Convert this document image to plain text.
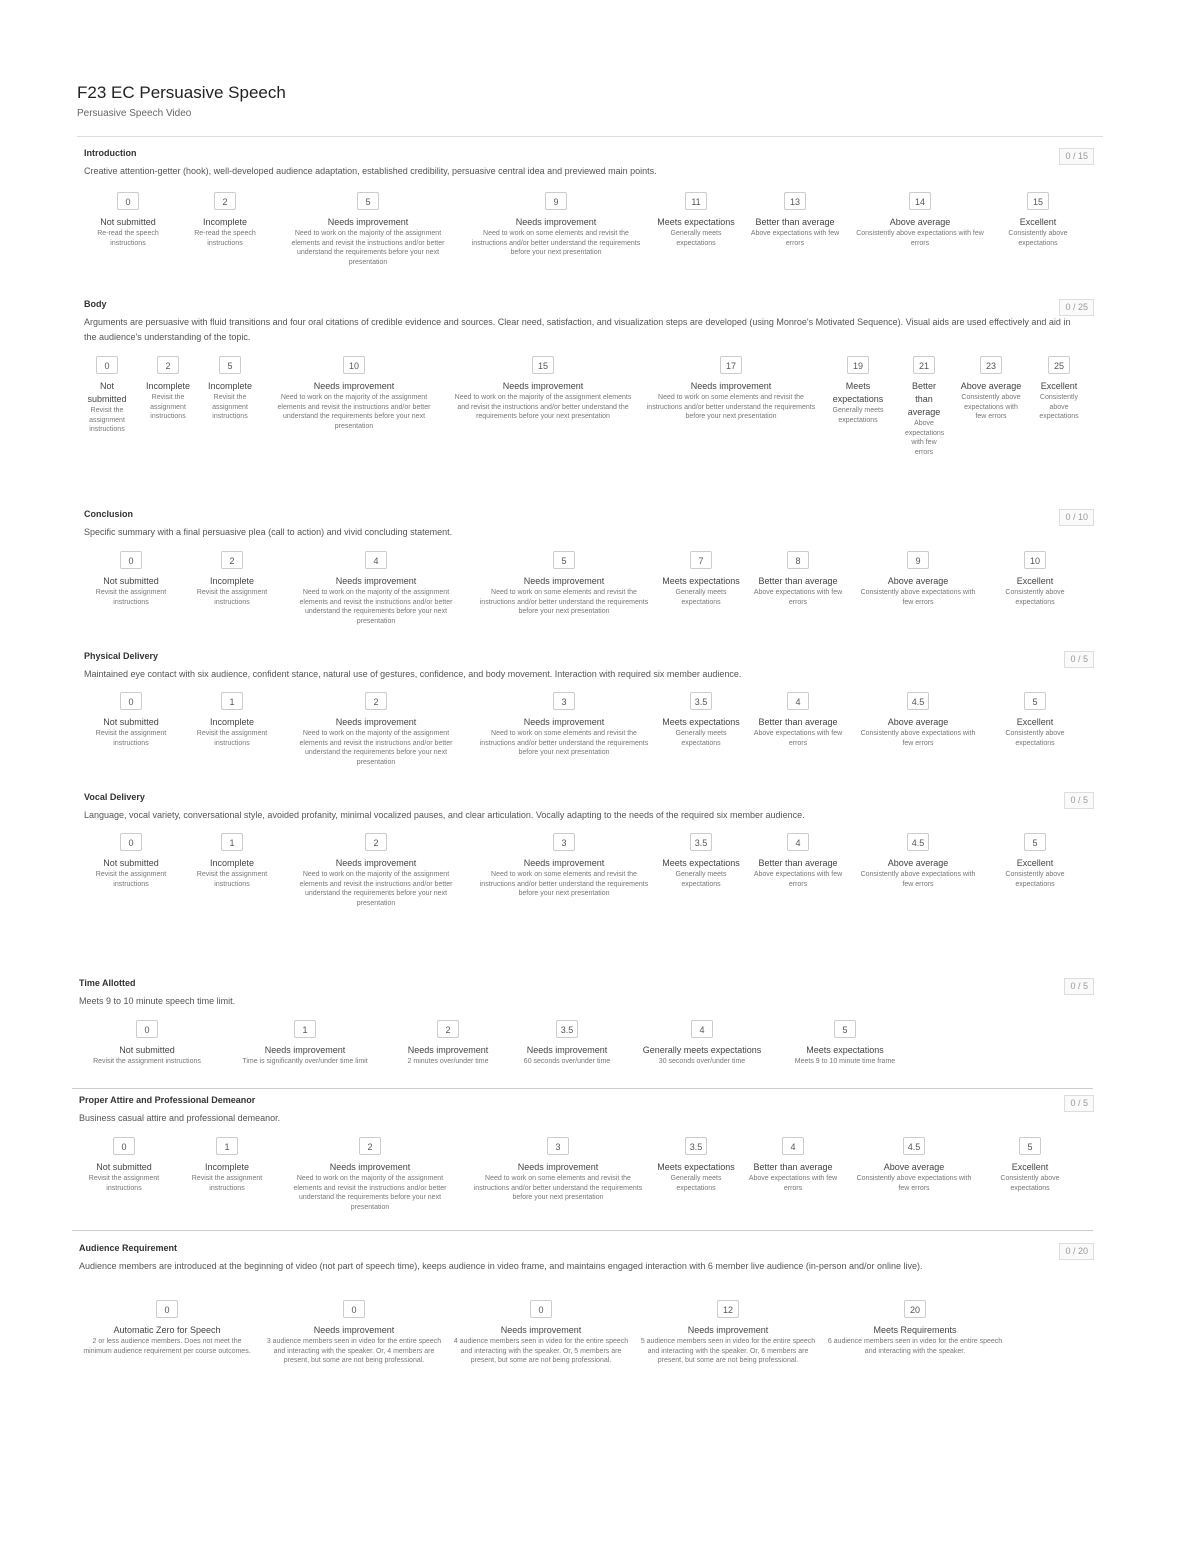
F23 EC Persuasive Speech
Persuasive Speech Video
Introduction
Creative attention-getter (hook), well-developed audience adaptation, established credibility, persuasive central idea and previewed main points.
0 / 15
0
Not submitted
Re-read the speech instructions
2
Incomplete
Re-read the speech instructions
5
Needs improvement
Need to work on the majority of the assignment elements and revisit the instructions and/or better understand the requirements before your next presentation
9
Needs improvement
Need to work on some elements and revisit the instructions and/or better understand the requirements before your next presentation
11
Meets expectations
Generally meets expectations
13
Better than average
Above expectations with few errors
14
Above average
Consistently above expectations with few errors
15
Excellent
Consistently above expectations
Body
Arguments are persuasive with fluid transitions and four oral citations of credible evidence and sources. Clear need, satisfaction, and visualization steps are developed (using Monroe's Motivated Sequence). Visual aids are used effectively and aid in the audience's understanding of the topic.
0 / 25
0
Not submitted
Revisit the assignment instructions
2
Incomplete
Revisit the assignment instructions
5
Incomplete
Revisit the assignment instructions
10
Needs improvement
Need to work on the majority of the assignment elements and revisit the instructions and/or better understand the requirements before your next presentation
15
Needs improvement
Need to work on the majority of the assignment elements and revisit the instructions and/or better understand the requirements before your next presentation
17
Needs improvement
Need to work on some elements and revisit the instructions and/or better understand the requirements before your next presentation
19
Meets expectations
Generally meets expectations
21
Better than average
Above expectations with few errors
23
Above average
Consistently above expectations with few errors
25
Excellent
Consistently above expectations
Conclusion
Specific summary with a final persuasive plea (call to action) and vivid concluding statement.
0 / 10
0
Not submitted
Revisit the assignment instructions
2
Incomplete
Revisit the assignment instructions
4
Needs improvement
Need to work on the majority of the assignment elements and revisit the instructions and/or better understand the requirements before your next presentation
5
Needs improvement
Need to work on some elements and revisit the instructions and/or better understand the requirements before your next presentation
7
Meets expectations
Generally meets expectations
8
Better than average
Above expectations with few errors
9
Above average
Consistently above expectations with few errors
10
Excellent
Consistently above expectations
Physical Delivery
Maintained eye contact with six audience, confident stance, natural use of gestures, confidence, and body movement. Interaction with required six member audience.
0 / 5
0
Not submitted
Revisit the assignment instructions
1
Incomplete
Revisit the assignment instructions
2
Needs improvement
Need to work on the majority of the assignment elements and revisit the instructions and/or better understand the requirements before your next presentation
3
Needs improvement
Need to work on some elements and revisit the instructions and/or better understand the requirements before your next presentation
3.5
Meets expectations
Generally meets expectations
4
Better than average
Above expectations with few errors
4.5
Above average
Consistently above expectations with few errors
5
Excellent
Consistently above expectations
Vocal Delivery
Language, vocal variety, conversational style, avoided profanity, minimal vocalized pauses, and clear articulation. Vocally adapting to the needs of the required six member audience.
0 / 5
0
Not submitted
Revisit the assignment instructions
1
Incomplete
Revisit the assignment instructions
2
Needs improvement
Need to work on the majority of the assignment elements and revisit the instructions and/or better understand the requirements before your next presentation
3
Needs improvement
Need to work on some elements and revisit the instructions and/or better understand the requirements before your next presentation
3.5
Meets expectations
Generally meets expectations
4
Better than average
Above expectations with few errors
4.5
Above average
Consistently above expectations with few errors
5
Excellent
Consistently above expectations
Time Allotted
Meets 9 to 10 minute speech time limit.
0 / 5
0
Not submitted
Revisit the assignment instructions
1
Needs improvement
Time is significantly over/under time limit
2
Needs improvement
2 minutes over/under time
3.5
Needs improvement
60 seconds over/under time
4
Generally meets expectations
30 seconds over/under time
5
Meets expectations
Meets 9 to 10 minute time frame
Proper Attire and Professional Demeanor
Business casual attire and professional demeanor.
0 / 5
0
Not submitted
Revisit the assignment instructions
1
Incomplete
Revisit the assignment instructions
2
Needs improvement
Need to work on the majority of the assignment elements and revisit the instructions and/or better understand the requirements before your next presentation
3
Needs improvement
Need to work on some elements and revisit the instructions and/or better understand the requirements before your next presentation
3.5
Meets expectations
Generally meets expectations
4
Better than average
Above expectations with few errors
4.5
Above average
Consistently above expectations with few errors
5
Excellent
Consistently above expectations
Audience Requirement
Audience members are introduced at the beginning of video (not part of speech time), keeps audience in video frame, and maintains engaged interaction with 6 member live audience (in-person and/or online live).
0 / 20
0
Automatic Zero for Speech
2 or less audience members. Does not meet the minimum audience requirement per course outcomes.
0
Needs improvement
3 audience members seen in video for the entire speech and interacting with the speaker. Or, 4 members are present, but some are not being professional.
0
Needs improvement
4 audience members seen in video for the entire speech and interacting with the speaker. Or, 5 members are present, but some are not being professional.
12
Needs improvement
5 audience members seen in video for the entire speech and interacting with the speaker. Or, 6 members are present, but some are not being professional.
20
Meets Requirements
6 audience members seen in video for the entire speech and interacting with the speaker.
